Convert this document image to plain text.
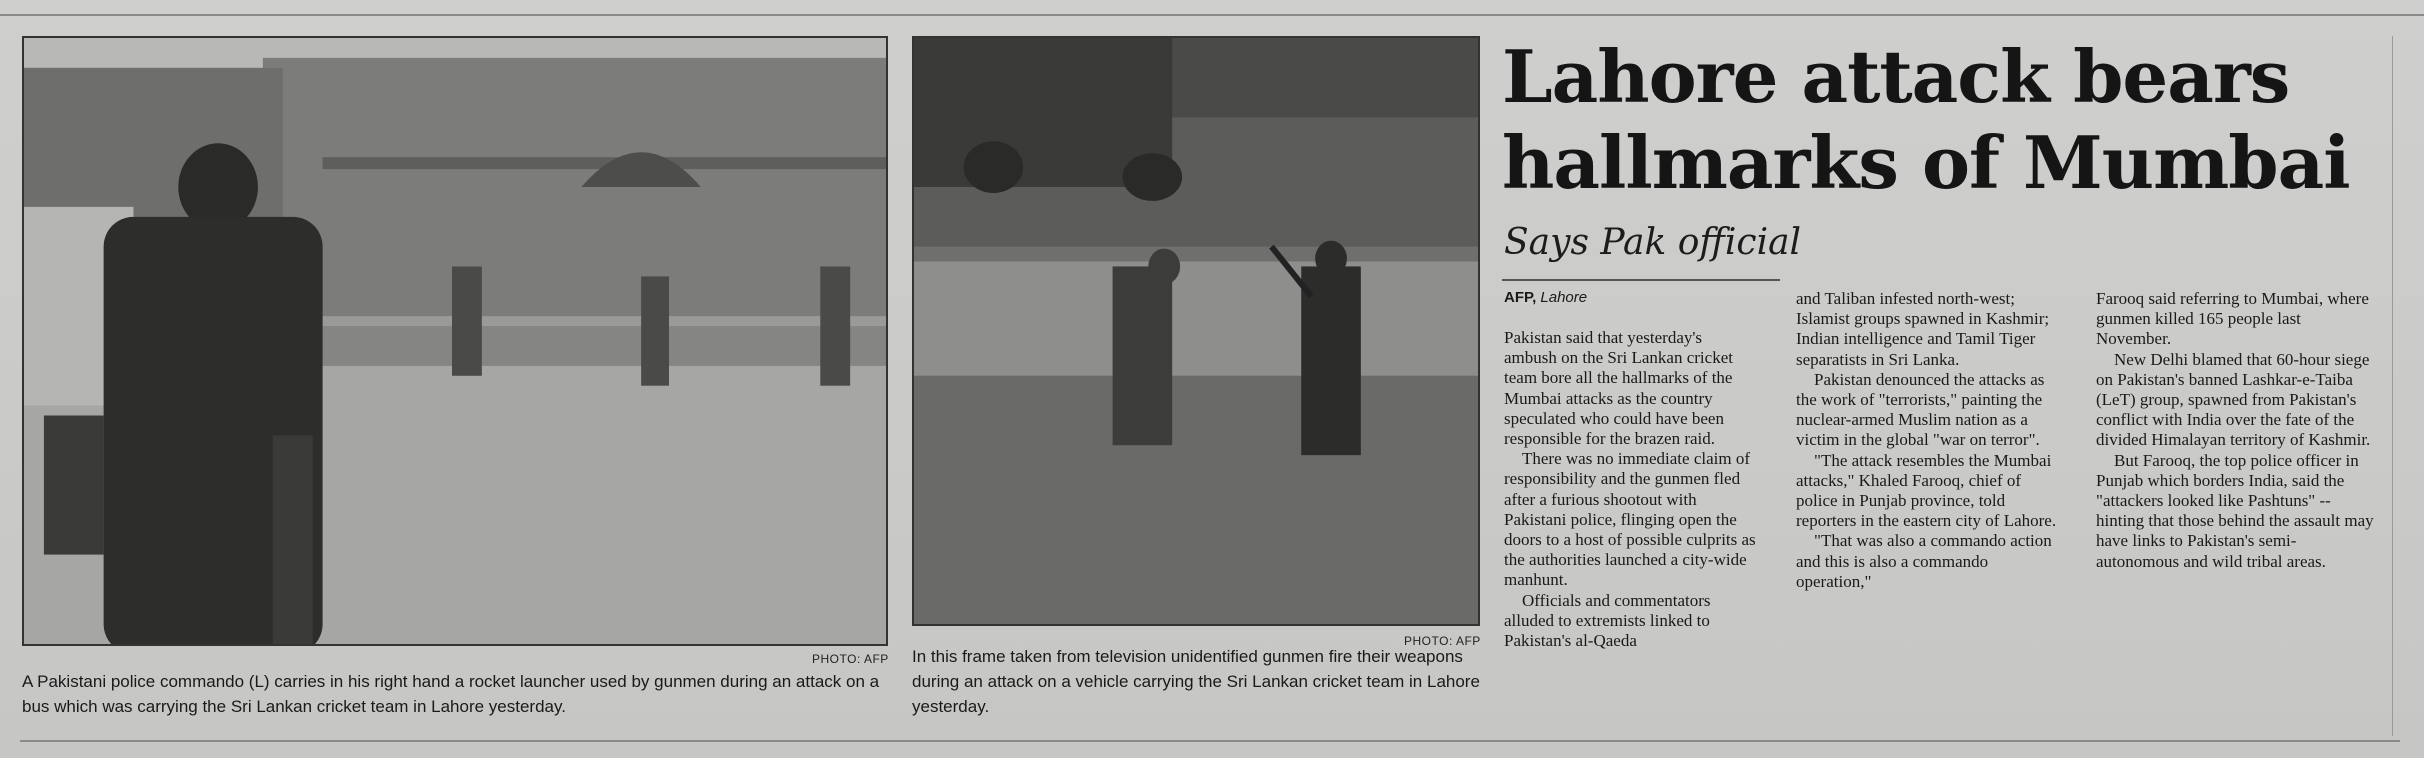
PHOTO: AFP
A Pakistani police commando (L) carries in his right hand a rocket launcher used by gunmen during an attack on a bus which was carrying the Sri Lankan cricket team in Lahore yesterday.
PHOTO: AFP
In this frame taken from television unidentified gunmen fire their weapons during an attack on a vehicle carrying the Sri Lankan cricket team in Lahore yesterday.
Lahore attack bears
hallmarks of Mumbai
Says Pak official
AFP, Lahore

Pakistan said that yesterday's ambush on the Sri Lankan cricket team bore all the hallmarks of the Mumbai attacks as the country speculated who could have been responsible for the brazen raid.

There was no immediate claim of responsibility and the gunmen fled after a furious shootout with Pakistani police, flinging open the doors to a host of possible culprits as the authorities launched a city-wide manhunt.

Officials and commentators alluded to extremists linked to Pakistan's al-Qaeda

and Taliban infested north-west; Islamist groups spawned in Kashmir; Indian intelligence and Tamil Tiger separatists in Sri Lanka.

Pakistan denounced the attacks as the work of "terrorists," painting the nuclear-armed Muslim nation as a victim in the global "war on terror".

"The attack resembles the Mumbai attacks," Khaled Farooq, chief of police in Punjab province, told reporters in the eastern city of Lahore.

"That was also a commando action and this is also a commando operation,"

Farooq said referring to Mumbai, where gunmen killed 165 people last November.

New Delhi blamed that 60-hour siege on Pakistan's banned Lashkar-e-Taiba (LeT) group, spawned from Pakistan's conflict with India over the fate of the divided Himalayan territory of Kashmir.

But Farooq, the top police officer in Punjab which borders India, said the "attackers looked like Pashtuns" -- hinting that those behind the assault may have links to Pakistan's semi-autonomous and wild tribal areas.
